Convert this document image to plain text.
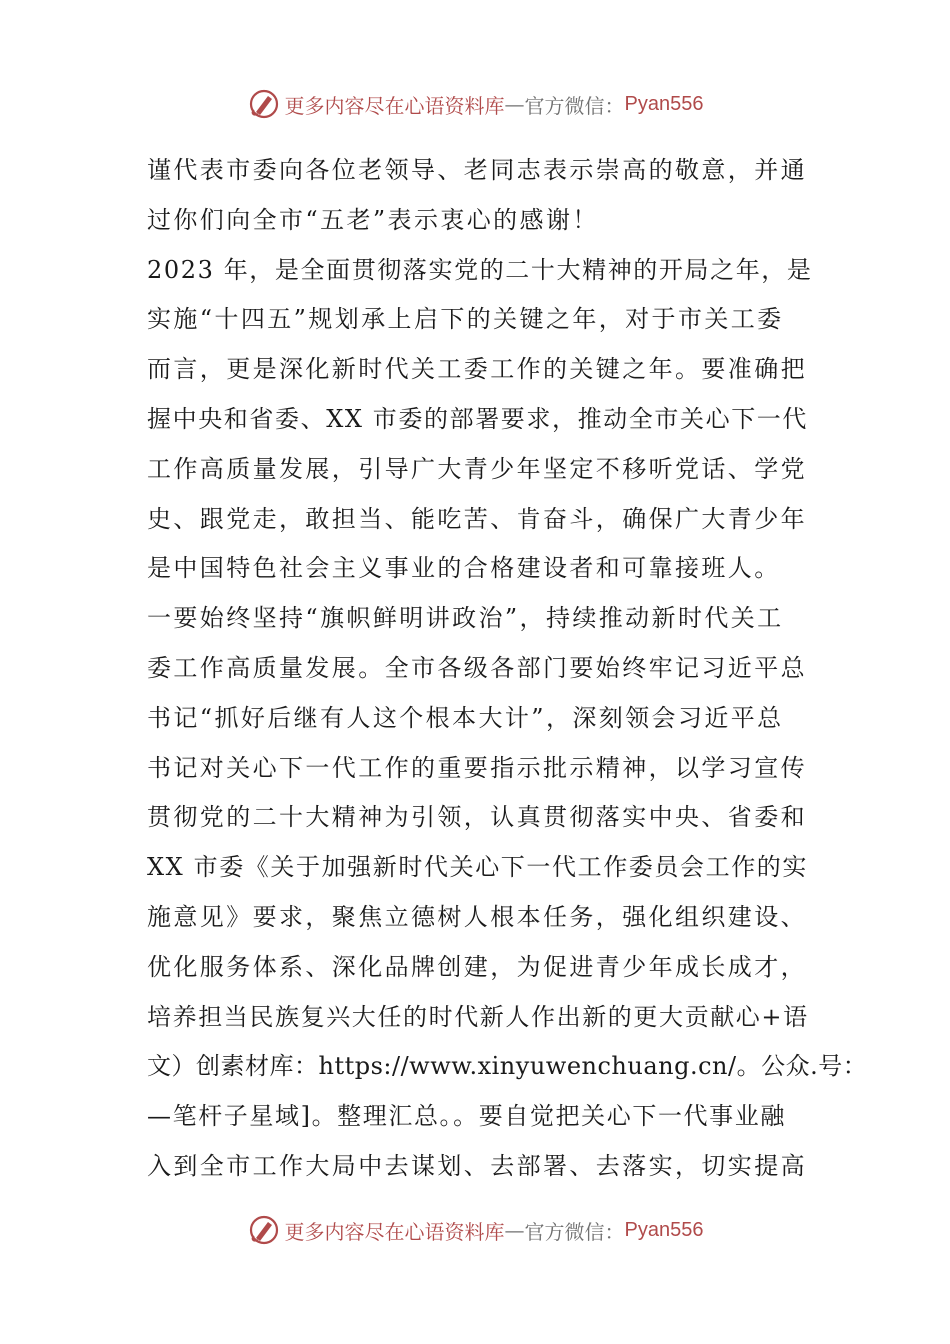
更多内容尽在心语资料库 — 官方微信： Pyan556
谨代表市委向各位老领导、老同志表示崇高的敬意，并通
过你们向全市“五老”表示衷心的感谢！
2023 年，是全面贯彻落实党的二十大精神的开局之年，是
实施“十四五”规划承上启下的关键之年，对于市关工委
而言，更是深化新时代关工委工作的关键之年。要准确把
握中央和省委、XX 市委的部署要求，推动全市关心下一代
工作高质量发展，引导广大青少年坚定不移听党话、学党
史、跟党走，敢担当、能吃苦、肯奋斗，确保广大青少年
是中国特色社会主义事业的合格建设者和可靠接班人。
一要始终坚持“旗帜鲜明讲政治”，持续推动新时代关工
委工作高质量发展。全市各级各部门要始终牢记习近平总
书记“抓好后继有人这个根本大计”，深刻领会习近平总
书记对关心下一代工作的重要指示批示精神，以学习宣传
贯彻党的二十大精神为引领，认真贯彻落实中央、省委和
XX 市委《关于加强新时代关心下一代工作委员会工作的实
施意见》要求，聚焦立德树人根本任务，强化组织建设、
优化服务体系、深化品牌创建，为促进青少年成长成才，
培养担当民族复兴大任的时代新人作出新的更大贡献心+语
文）创素材库：https://www.xinyuwenchuang.cn/。公众.号：
—笔杆子星域]。整理汇总。。要自觉把关心下一代事业融
入到全市工作大局中去谋划、去部署、去落实，切实提高
更多内容尽在心语资料库 — 官方微信： Pyan556
